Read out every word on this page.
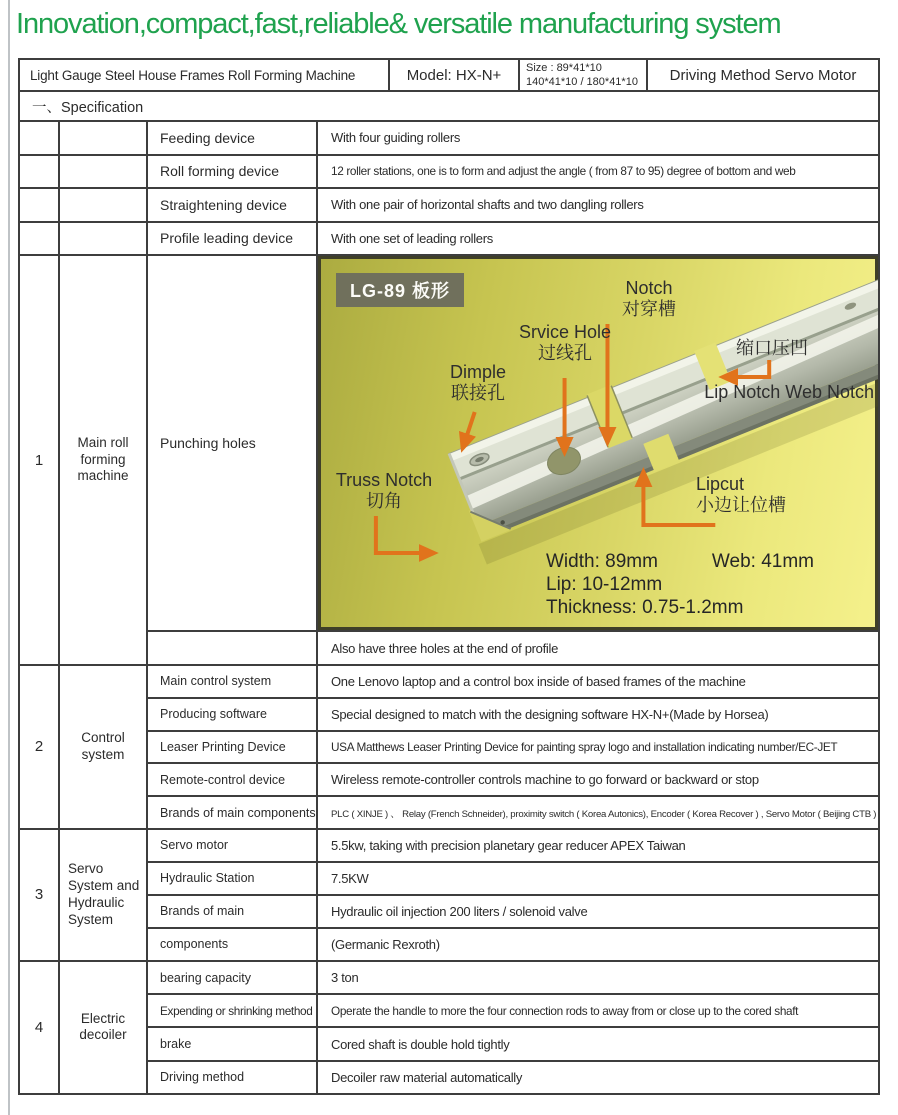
Innovation,compact,fast,reliable& versatile manufacturing system
Light Gauge Steel House Frames Roll Forming Machine	Model: HX-N+	Size : 89*41*10
140*41*10 / 180*41*10	Driving Method Servo Motor
一、Specification
Feeding device	With four guiding rollers
Roll forming device	12 roller stations, one is to form and adjust the angle ( from 87 to 95) degree of bottom and web
Straightening device	With one pair of horizontal shafts and two dangling rollers
Profile leading device	With one set of leading rollers
1
Main roll forming machine
Punching holes
LG-89 板形	Notch
对穿槽
Srvice Hole
过线孔
Dimple
联接孔
缩口压凹
Lip Notch Web Notch
Truss Notch
切角
Lipcut
小边让位槽
Width: 89mm	Web: 41mm
Lip: 10-12mm
Thickness: 0.75-1.2mm
Also have three holes at the end of profile
2
Control system
Main control system	One Lenovo laptop and a control box inside of based frames of the machine
Producing software	Special designed to match with the designing software HX-N+(Made by Horsea)
Leaser Printing Device	USA Matthews Leaser Printing Device for painting spray logo and installation indicating number/EC-JET
Remote-control device	Wireless remote-controller controls machine to go forward or backward or stop
Brands of main components	PLC ( XINJE ) 、 Relay (French Schneider), proximity switch ( Korea Autonics), Encoder ( Korea Recover ) , Servo Motor ( Beijing CTB )
3
Servo System and Hydraulic System
Servo motor	5.5kw, taking with precision planetary gear reducer APEX Taiwan
Hydraulic Station	7.5KW
Brands of main	Hydraulic oil injection 200 liters / solenoid valve
components	(Germanic Rexroth)
4
Electric decoiler
bearing capacity	3 ton
Expending or shrinking method	Operate the handle to more the four connection rods to away from or close up to the cored shaft
brake	Cored shaft is double hold tightly
Driving method	Decoiler raw material automatically
